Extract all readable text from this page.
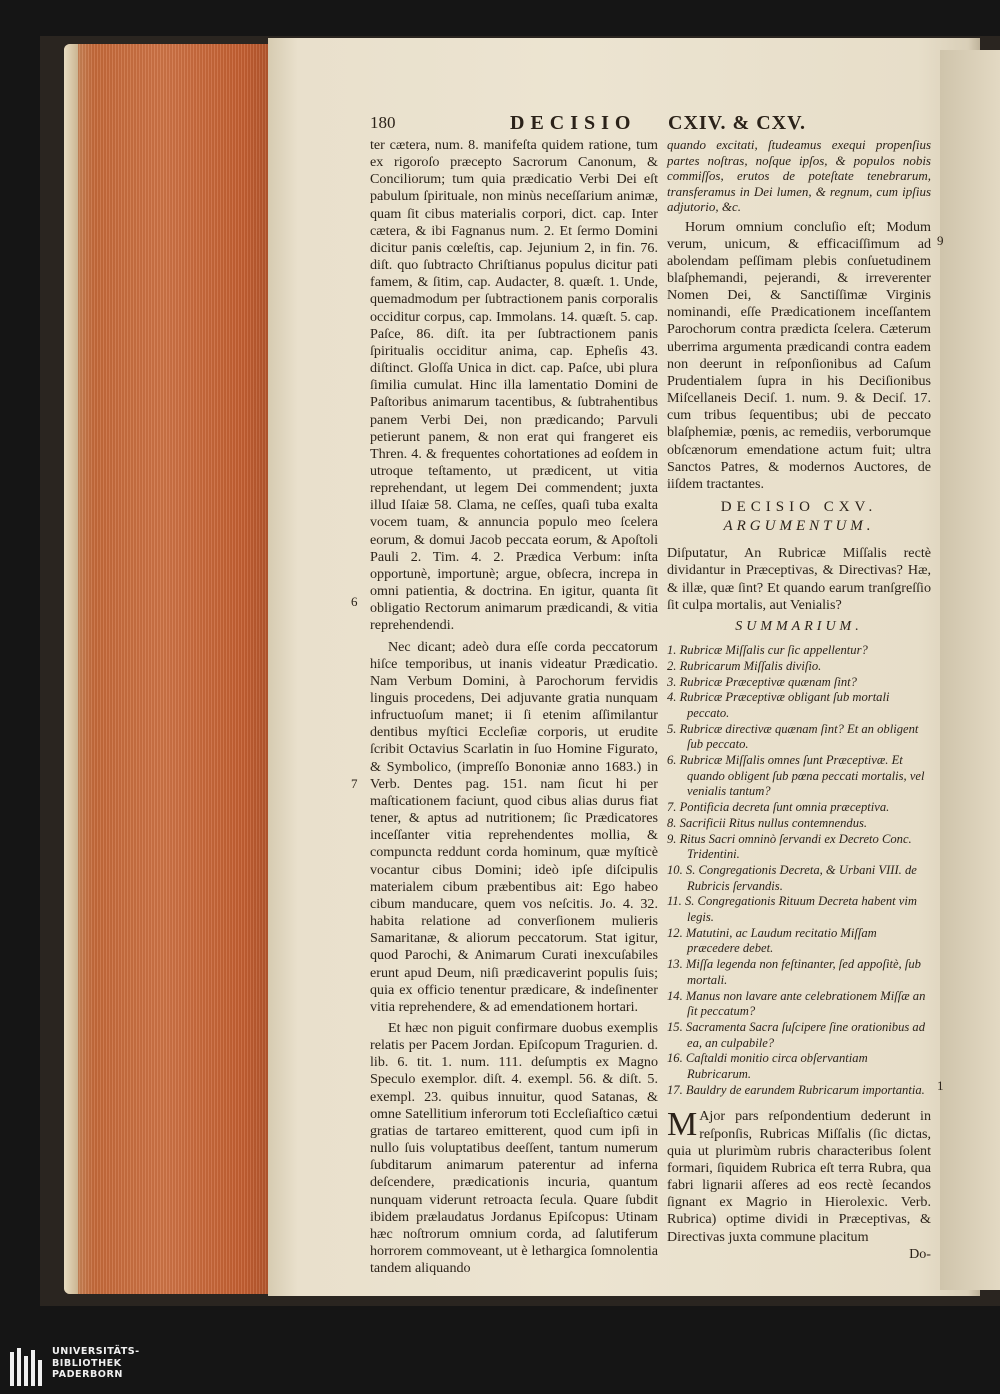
180	DECISIO CXIV. & CXV.

ter cætera, num. 8. manifeſta quidem ratione, tum ex rigoroſo præcepto Sacrorum Canonum, & Conciliorum; tum quia prædicatio Verbi Dei eſt pabulum ſpirituale, non minùs neceſſarium animæ, quam ſit cibus materialis corpori, dict. cap. Inter cætera, & ibi Fagnanus num. 2. Et ſermo Domini dicitur panis cœleſtis, cap. Jejunium 2, in fin. 76. diſt. quo ſubtracto Chriſtianus populus dicitur pati famem, & ſitim, cap. Audacter, 8. quæſt. 1. Unde, quemadmodum per ſubtractionem panis corporalis occiditur corpus, cap. Immolans. 14. quæſt. 5. cap. Paſce, 86. diſt. ita per ſubtractionem panis ſpiritualis occiditur anima, cap. Epheſis 43. diſtinct. Gloſſa Unica in dict. cap. Paſce, ubi plura ſimilia cumulat. Hinc illa lamentatio Domini de Paſtoribus animarum tacentibus, & ſubtrahentibus panem Verbi Dei, non prædicando; Parvuli petierunt panem, & non erat qui frangeret eis Thren. 4. & frequentes cohortationes ad eoſdem in utroque teſtamento, ut prædicent, ut vitia reprehendant, ut legem Dei commendent; juxta illud Iſaiæ 58. Clama, ne ceſſes, quaſi tuba exalta vocem tuam, & annuncia populo meo ſcelera eorum, & domui Jacob peccata eorum, & Apoſtoli Pauli 2. Tim. 4. 2. Prædica Verbum: inſta opportunè, importunè; argue, obſecra, increpa in omni patientia, & doctrina. En igitur, quanta ſit obligatio Rectorum animarum prædicandi, & vitia reprehendendi.

Nec dicant; adeò dura eſſe corda peccatorum hiſce temporibus, ut inanis videatur Prædicatio. Nam Verbum Domini, à Parochorum fervidis linguis procedens, Dei adjuvante gratia nunquam infructuoſum manet; ii ſi etenim aſſimilantur dentibus myſtici Eccleſiæ corporis, ut erudite ſcribit Octavius Scarlatin in ſuo Homine Figurato, & Symbolico, (impreſſo Bononiæ anno 1683.) in Verb. Dentes pag. 151. nam ſicut hi per maſticationem faciunt, quod cibus alias durus fiat tener, & aptus ad nutritionem; ſic Prædicatores inceſſanter vitia reprehendentes mollia, & compuncta reddunt corda hominum, quæ myſticè vocantur cibus Domini; ideò ipſe diſcipulis materialem cibum præbentibus ait: Ego habeo cibum manducare, quem vos neſcitis. Jo. 4. 32. habita relatione ad converſionem mulieris Samaritanæ, & aliorum peccatorum. Stat igitur, quod Parochi, & Animarum Curati inexcuſabiles erunt apud Deum, niſi prædicaverint populis ſuis; quia ex officio tenentur prædicare, & indeſinenter vitia reprehendere, & ad emendationem hortari.

Et hæc non piguit confirmare duobus exemplis relatis per Pacem Jordan. Epiſcopum Tragurien. d. lib. 6. tit. 1. num. 111. deſumptis ex Magno Speculo exemplor. diſt. 4. exempl. 56. & diſt. 5. exempl. 23. quibus innuitur, quod Satanas, & omne Satellitium inferorum toti Eccleſiaſtico cætui gratias de tartareo emitterent, quod cum ipſi in nullo ſuis voluptatibus deeſſent, tantum numerum ſubditarum animarum paterentur ad inferna deſcendere, prædicationis incuria, quantum nunquam viderunt retroacta ſecula. Quare ſubdit ibidem prælaudatus Jordanus Epiſcopus: Utinam hæc noſtrorum omnium corda, ad ſalutiferum horrorem commoveant, ut è lethargica ſomnolentia tandem aliquando

6
7

quando excitati, ſtudeamus exequi propenſius partes noſtras, noſque ipſos, & populos nobis commiſſos, erutos de poteſtate tenebrarum, transferamus in Dei lumen, & regnum, cum ipſius adjutorio, &c.

Horum omnium concluſio eſt; Modum verum, unicum, & efficaciſſimum ad abolendam peſſimam plebis conſuetudinem blaſphemandi, pejerandi, & irreverenter Nomen Dei, & Sanctiſſimæ Virginis nominandi, eſſe Prædicationem inceſſantem Parochorum contra prædicta ſcelera. Cæterum uberrima argumenta prædicandi contra eadem non deerunt in reſponſionibus ad Caſum Prudentialem ſupra in his Deciſionibus Miſcellaneis Deciſ. 1. num. 9. & Deciſ. 17. cum tribus ſequentibus; ubi de peccato blaſphemiæ, pœnis, ac remediis, verborumque obſcænorum emendatione actum fuit; ultra Sanctos Patres, & modernos Auctores, de iiſdem tractantes.

DECISIO CXV.
ARGUMENTUM.

Diſputatur, An Rubricæ Miſſalis rectè dividantur in Præceptivas, & Directivas? Hæ, & illæ, quæ ſint? Et quando earum tranſgreſſio ſit culpa mortalis, aut Venialis?

SUMMARIUM.
1. Rubricæ Miſſalis cur ſic appellentur?
2. Rubricarum Miſſalis diviſio.
3. Rubricæ Præceptivæ quænam ſint?
4. Rubricæ Præceptivæ obligant ſub mortali peccato.
5. Rubricæ directivæ quænam ſint? Et an obligent ſub peccato.
6. Rubricæ Miſſalis omnes ſunt Præceptivæ. Et quando obligent ſub pœna peccati mortalis, vel venialis tantum?
7. Pontificia decreta ſunt omnia præceptiva.
8. Sacrificii Ritus nullus contemnendus.
9. Ritus Sacri omninò ſervandi ex Decreto Conc. Tridentini.
10. S. Congregationis Decreta, & Urbani VIII. de Rubricis ſervandis.
11. S. Congregationis Rituum Decreta habent vim legis.
12. Matutini, ac Laudum recitatio Miſſam præcedere debet.
13. Miſſa legenda non feſtinanter, ſed appoſitè, ſub mortali.
14. Manus non lavare ante celebrationem Miſſæ an ſit peccatum?
15. Sacramenta Sacra ſuſcipere ſine orationibus ad ea, an culpabile?
16. Caſtaldi monitio circa obſervantiam Rubricarum.
17. Bauldry de earundem Rubricarum importantia.

M Ajor pars reſpondentium dederunt in reſponſis, Rubricas Miſſalis (ſic dictas, quia ut plurimùm rubris characteribus ſolent formari, ſiquidem Rubrica eſt terra Rubra, qua fabri lignarii aſſeres ad eos rectè ſecandos ſignant ex Magrio in Hierolexic. Verb. Rubrica) optime dividi in Præceptivas, & Directivas juxta commune placitum

Do-
9
1
UNIVERSITÄTS-
BIBLIOTHEK
PADERBORN
